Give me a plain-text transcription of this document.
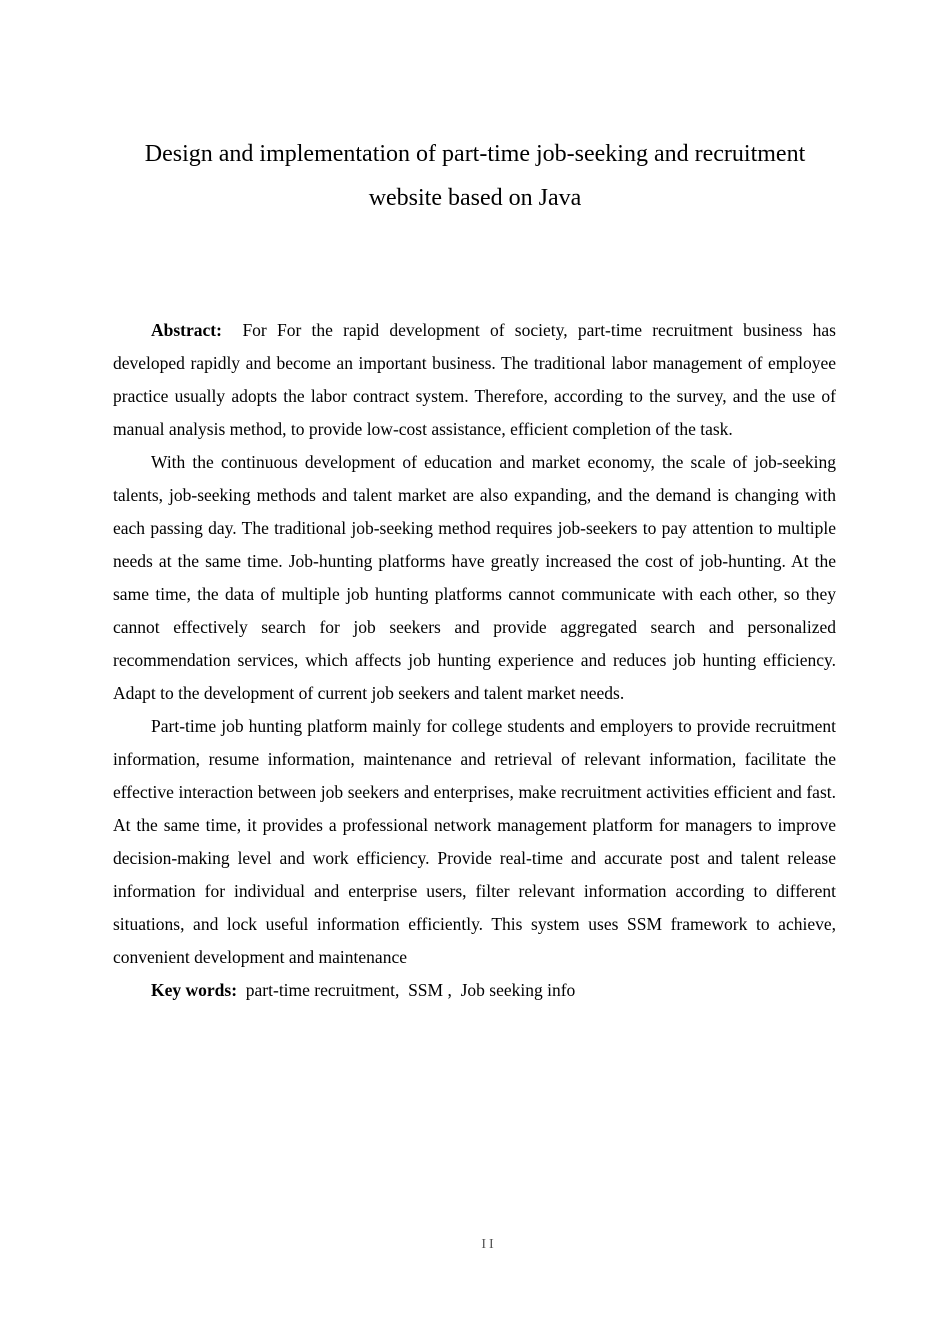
Design and implementation of part-time job-seeking and recruitment
website based on Java

Abstract: For For the rapid development of society, part-time recruitment business has developed rapidly and become an important business. The traditional labor management of employee practice usually adopts the labor contract system. Therefore, according to the survey, and the use of manual analysis method, to provide low-cost assistance, efficient completion of the task.

With the continuous development of education and market economy, the scale of job-seeking talents, job-seeking methods and talent market are also expanding, and the demand is changing with each passing day. The traditional job-seeking method requires job-seekers to pay attention to multiple needs at the same time. Job-hunting platforms have greatly increased the cost of job-hunting. At the same time, the data of multiple job hunting platforms cannot communicate with each other, so they cannot effectively search for job seekers and provide aggregated search and personalized recommendation services, which affects job hunting experience and reduces job hunting efficiency. Adapt to the development of current job seekers and talent market needs.

Part-time job hunting platform mainly for college students and employers to provide recruitment information, resume information, maintenance and retrieval of relevant information, facilitate the effective interaction between job seekers and enterprises, make recruitment activities efficient and fast. At the same time, it provides a professional network management platform for managers to improve decision-making level and work efficiency. Provide real-time and accurate post and talent release information for individual and enterprise users, filter relevant information according to different situations, and lock useful information efficiently. This system uses SSM framework to achieve, convenient development and maintenance

Key words: part-time recruitment,  SSM ,  Job seeking info

II
